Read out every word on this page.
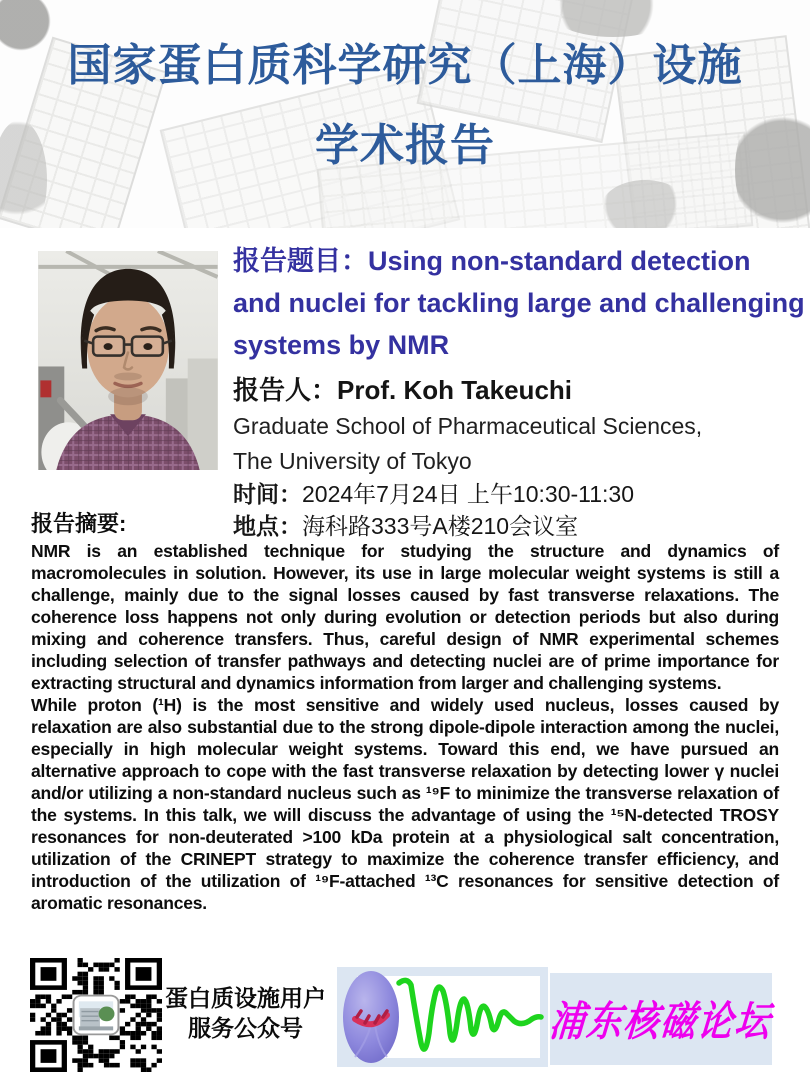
国家蛋白质科学研究（上海）设施
学术报告

报告题目：Using non-standard detection and nuclei for tackling large and challenging systems by NMR

报告人：Prof. Koh Takeuchi

Graduate School of Pharmaceutical Sciences,

The University of Tokyo

时间：2024年7月24日 上午10:30-11:30

地点：海科路333号A楼210会议室

报告摘要:

NMR is an established technique for studying the structure and dynamics of macromolecules in solution. However, its use in large molecular weight systems is still a challenge, mainly due to the signal losses caused by fast transverse relaxations. The coherence loss happens not only during evolution or detection periods but also during mixing and coherence transfers. Thus, careful design of NMR experimental schemes including selection of transfer pathways and detecting nuclei are of prime importance for extracting structural and dynamics information from larger and challenging systems.

While proton (¹H) is the most sensitive and widely used nucleus, losses caused by relaxation are also substantial due to the strong dipole-dipole interaction among the nuclei, especially in high molecular weight systems. Toward this end, we have pursued an alternative approach to cope with the fast transverse relaxation by detecting lower γ nuclei and/or utilizing a non-standard nucleus such as ¹⁹F to minimize the transverse relaxation of the systems. In this talk, we will discuss the advantage of using the ¹⁵N-detected TROSY resonances for non-deuterated >100 kDa protein at a physiological salt concentration, utilization of the CRINEPT strategy to maximize the coherence transfer efficiency, and introduction of the utilization of ¹⁹F-attached ¹³C resonances for sensitive detection of aromatic resonances.

蛋白质设施用户
服务公众号	浦东核磁论坛
